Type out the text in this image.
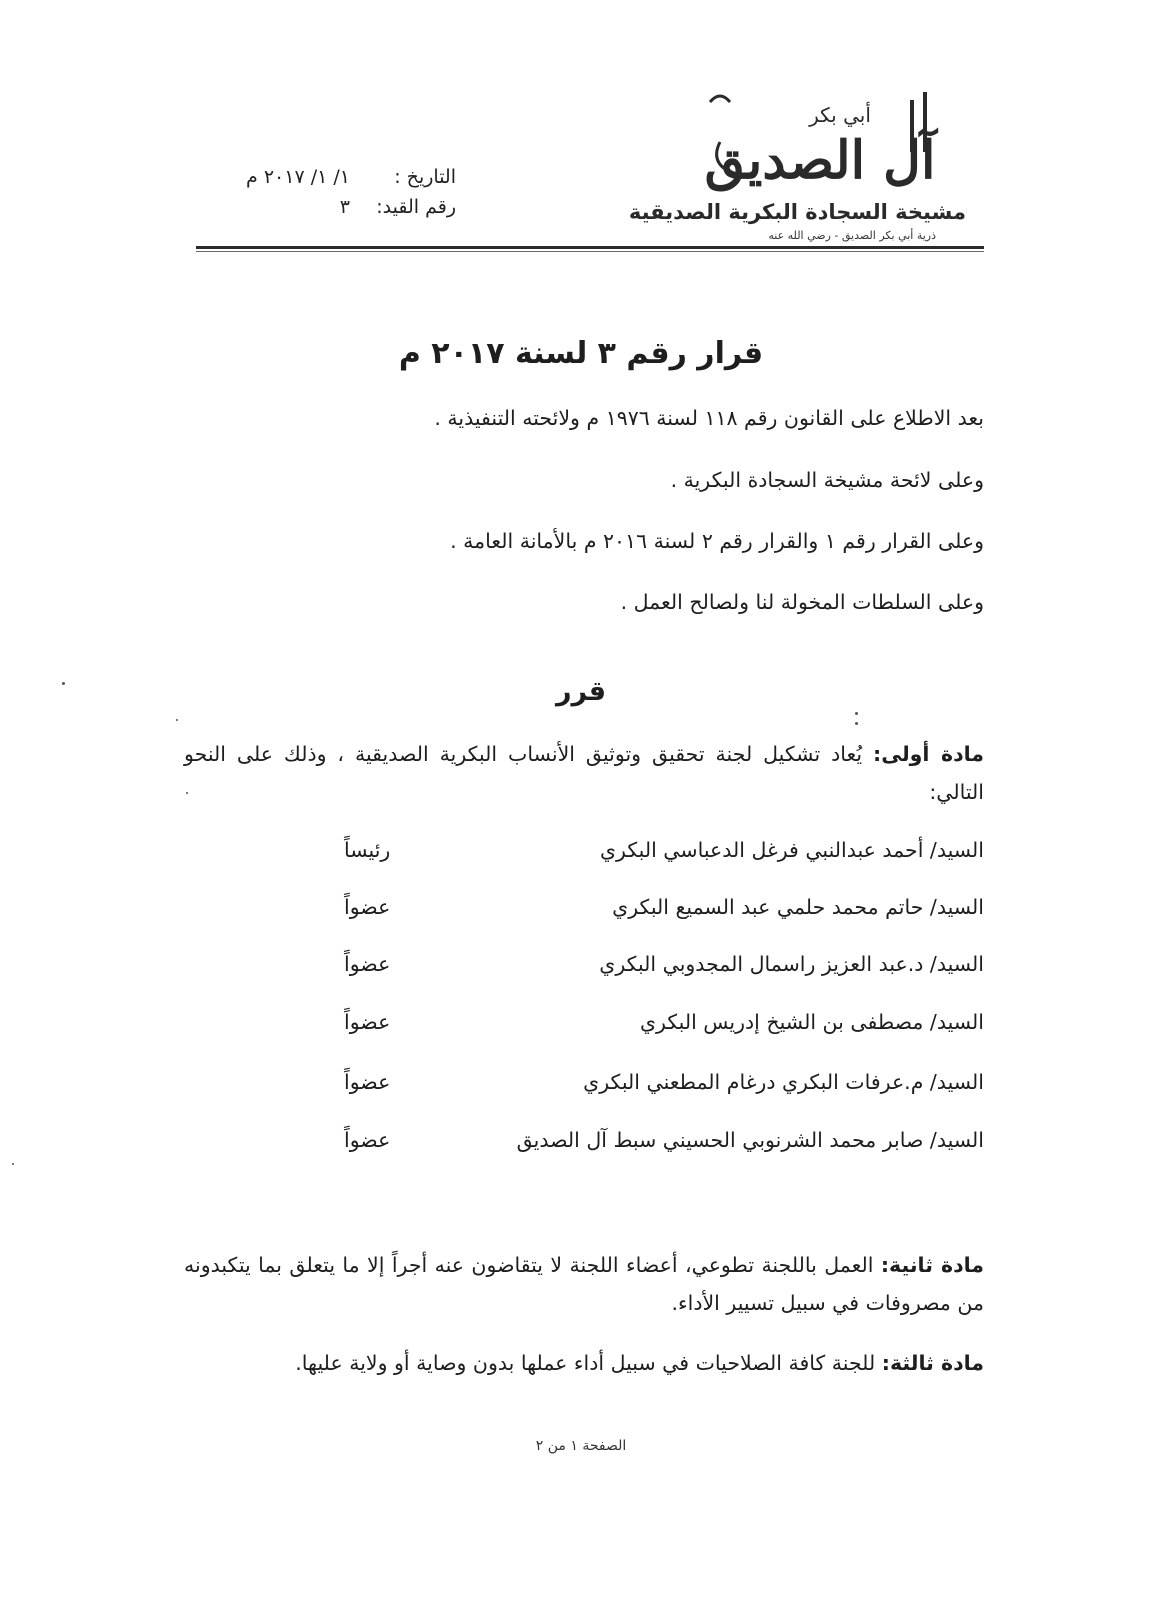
أبي بكر
آل الصديق
مشيخة السجادة البكرية الصديقية
ذرية أبي بكر الصديق - رضي الله عنه
التاريخ :١/ ١/ ٢٠١٧ م
رقم القيد:٣
قرار رقم ٣ لسنة ٢٠١٧ م
بعد الاطلاع على القانون رقم ١١٨ لسنة ١٩٧٦ م ولائحته التنفيذية .
وعلى لائحة مشيخة السجادة البكرية .
وعلى القرار رقم ١ والقرار رقم ٢ لسنة ٢٠١٦ م بالأمانة العامة .
وعلى السلطات المخولة لنا ولصالح العمل .
قرر
مادة أولى: يُعاد تشكيل لجنة تحقيق وتوثيق الأنساب البكرية الصديقية ، وذلك على النحو التالي:
السيد/ أحمد عبدالنبي فرغل الدعباسي البكري
رئيساً
السيد/ حاتم محمد حلمي عبد السميع البكري
عضواً
السيد/ د.عبد العزيز راسمال المجدوبي البكري
عضواً
السيد/ مصطفى بن الشيخ إدريس البكري
عضواً
السيد/ م.عرفات البكري درغام المطعني البكري
عضواً
السيد/ صابر محمد الشرنوبي الحسيني سبط آل الصديق
عضواً
مادة ثانية: العمل باللجنة تطوعي، أعضاء اللجنة لا يتقاضون عنه أجراً إلا ما يتعلق بما يتكبدونه من مصروفات في سبيل تسيير الأداء.
مادة ثالثة: للجنة كافة الصلاحيات في سبيل أداء عملها بدون وصاية أو ولاية عليها.
الصفحة ١ من ٢
